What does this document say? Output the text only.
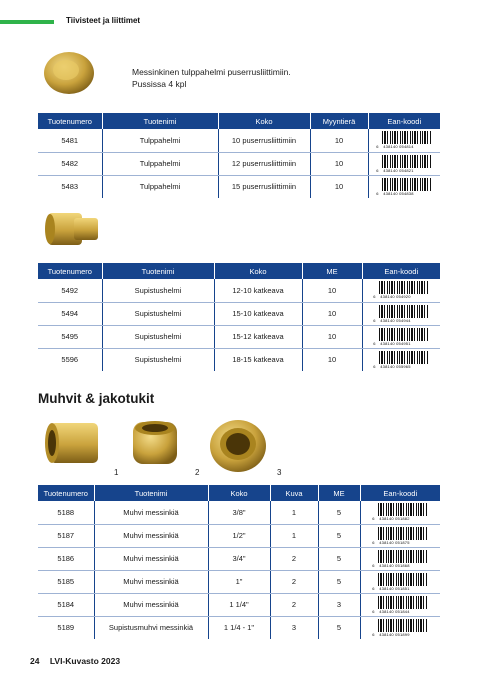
Tiivisteet ja liittimet
Messinkinen tulppahelmi puserrusliittimiin.
Pussissa 4 kpl
Tuotenumero	Tuotenimi	Koko	Myyntierä	Ean-koodi
5481	Tulppahelmi	10 puserrusliittimiin	10	6 438140 054814

5482	Tulppahelmi	12 puserrusliittimiin	10	6 438140 054821

5483	Tulppahelmi	15 puserrusliittimiin	10	6 438140 054838
Tuotenumero	Tuotenimi	Koko	ME	Ean-koodi
5492	Supistushelmi	12-10 katkeava	10	6 438140 054920

5494	Supistushelmi	15-10 katkeava	10	6 438140 054944

5495	Supistushelmi	15-12 katkeava	10	6 438140 054951

5596	Supistushelmi	18-15 katkeava	10	6 438140 055965
Muhvit & jakotukit
1	2	3
Tuotenumero	Tuotenimi	Koko	Kuva	ME	Ean-koodi
5188	Muhvi messinkiä	3/8"	1	5	6 438140 051882

5187	Muhvi messinkiä	1/2"	1	5	6 438140 051875

5186	Muhvi messinkiä	3/4"	2	5	6 438140 051868

5185	Muhvi messinkiä	1"	2	5	6 438140 051851

5184	Muhvi messinkiä	1 1/4"	2	3	6 438140 051844

5189	Supistusmuhvi messinkiä	1 1/4 - 1"	3	5	6 438140 051899
24 LVI-Kuvasto 2023
